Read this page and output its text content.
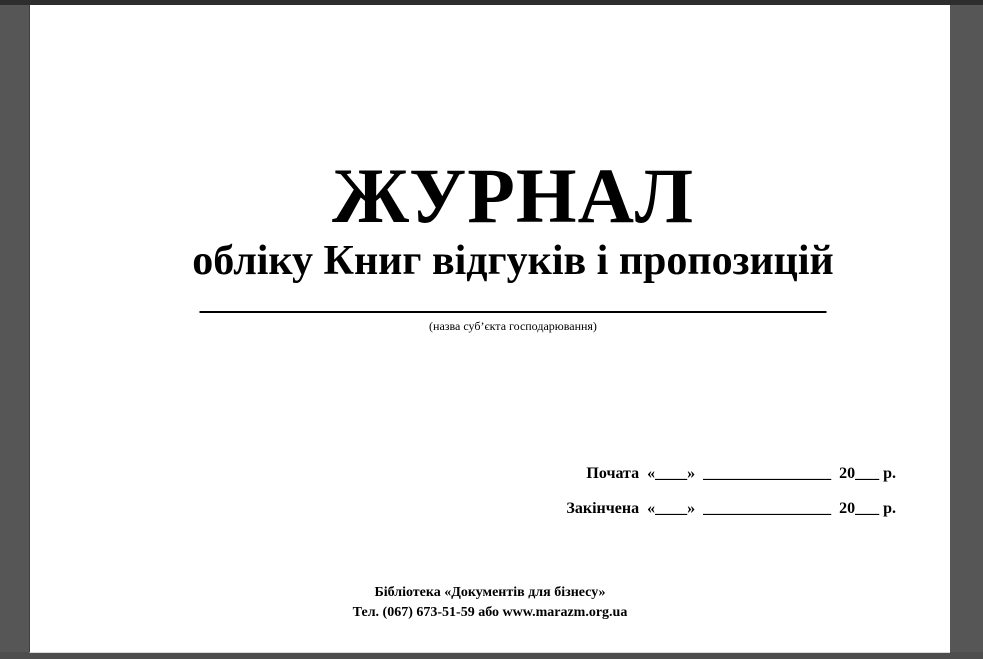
ЖУРНАЛ
обліку Книг відгуків і пропозицій
(назва суб’єкта господарювання)
Почата  «____»  ________________  20___ р.
Закінчена  «____»  ________________  20___ р.
Бібліотека «Документів для бізнесу»
Тел. (067) 673-51-59 або www.marazm.org.ua
